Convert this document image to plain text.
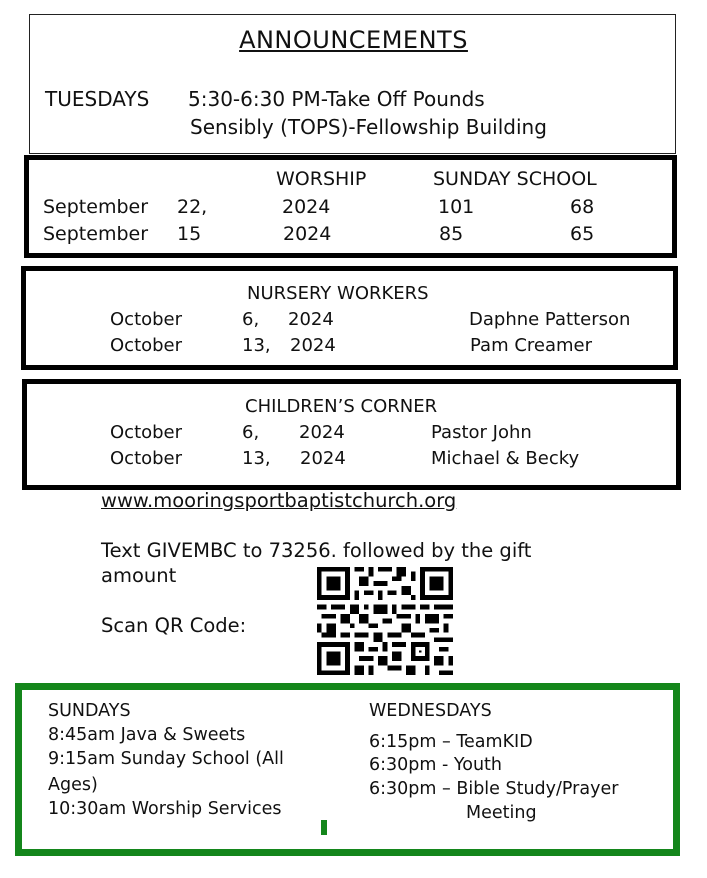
ANNOUNCEMENTS
TUESDAYS 5:30-6:30 PM-Take Off Pounds
Sensibly (TOPS)-Fellowship Building
WORSHIP	SUNDAY SCHOOL
September 22,	2024	101	68
September 15	2024	85	65
NURSERY WORKERS
October	6, 2024	Daphne Patterson
October	13, 2024	Pam Creamer
CHILDREN’S CORNER
October	6, 2024	Pastor John
October	13, 2024	Michael & Becky
www.mooringsportbaptistchurch.org
Text GIVEMBC to 73256. followed by the gift
amount
Scan QR Code:
SUNDAYS
8:45am Java & Sweets
9:15am Sunday School (All
Ages)
10:30am Worship Services
WEDNESDAYS
6:15pm – TeamKID
6:30pm - Youth
6:30pm – Bible Study/Prayer
Meeting
